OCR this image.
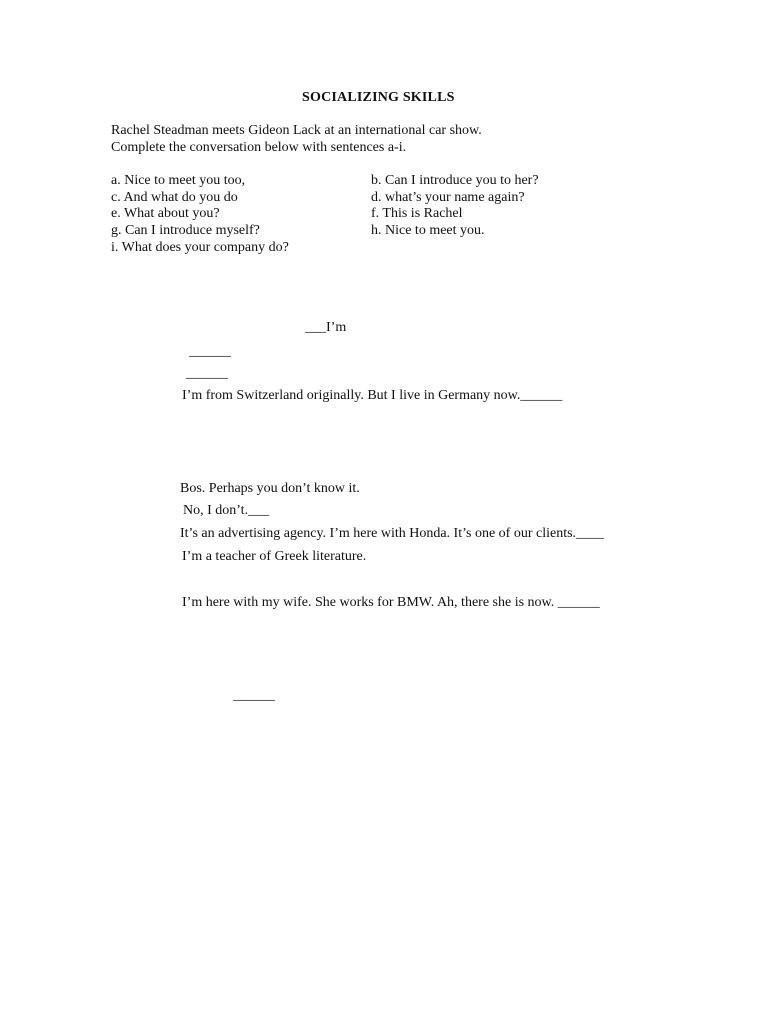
SOCIALIZING SKILLS
Rachel Steadman meets Gideon Lack at an international car show.
Complete the conversation below with sentences a-i.
a. Nice to meet you too,
c. And what do you do
e. What about you?
g. Can I introduce myself?
i. What does your company do?
b. Can I introduce you to her?
d. what’s your name again?
f. This is Rachel
h. Nice to meet you.
___I’m
______
______
I’m from Switzerland originally. But I live in Germany now.______
Bos. Perhaps you don’t know it.
No, I don’t.___
It’s an advertising agency. I’m here with Honda. It’s one of our clients.____
I’m a teacher of Greek literature.
I’m here with my wife. She works for BMW. Ah, there she is now. ______
______
